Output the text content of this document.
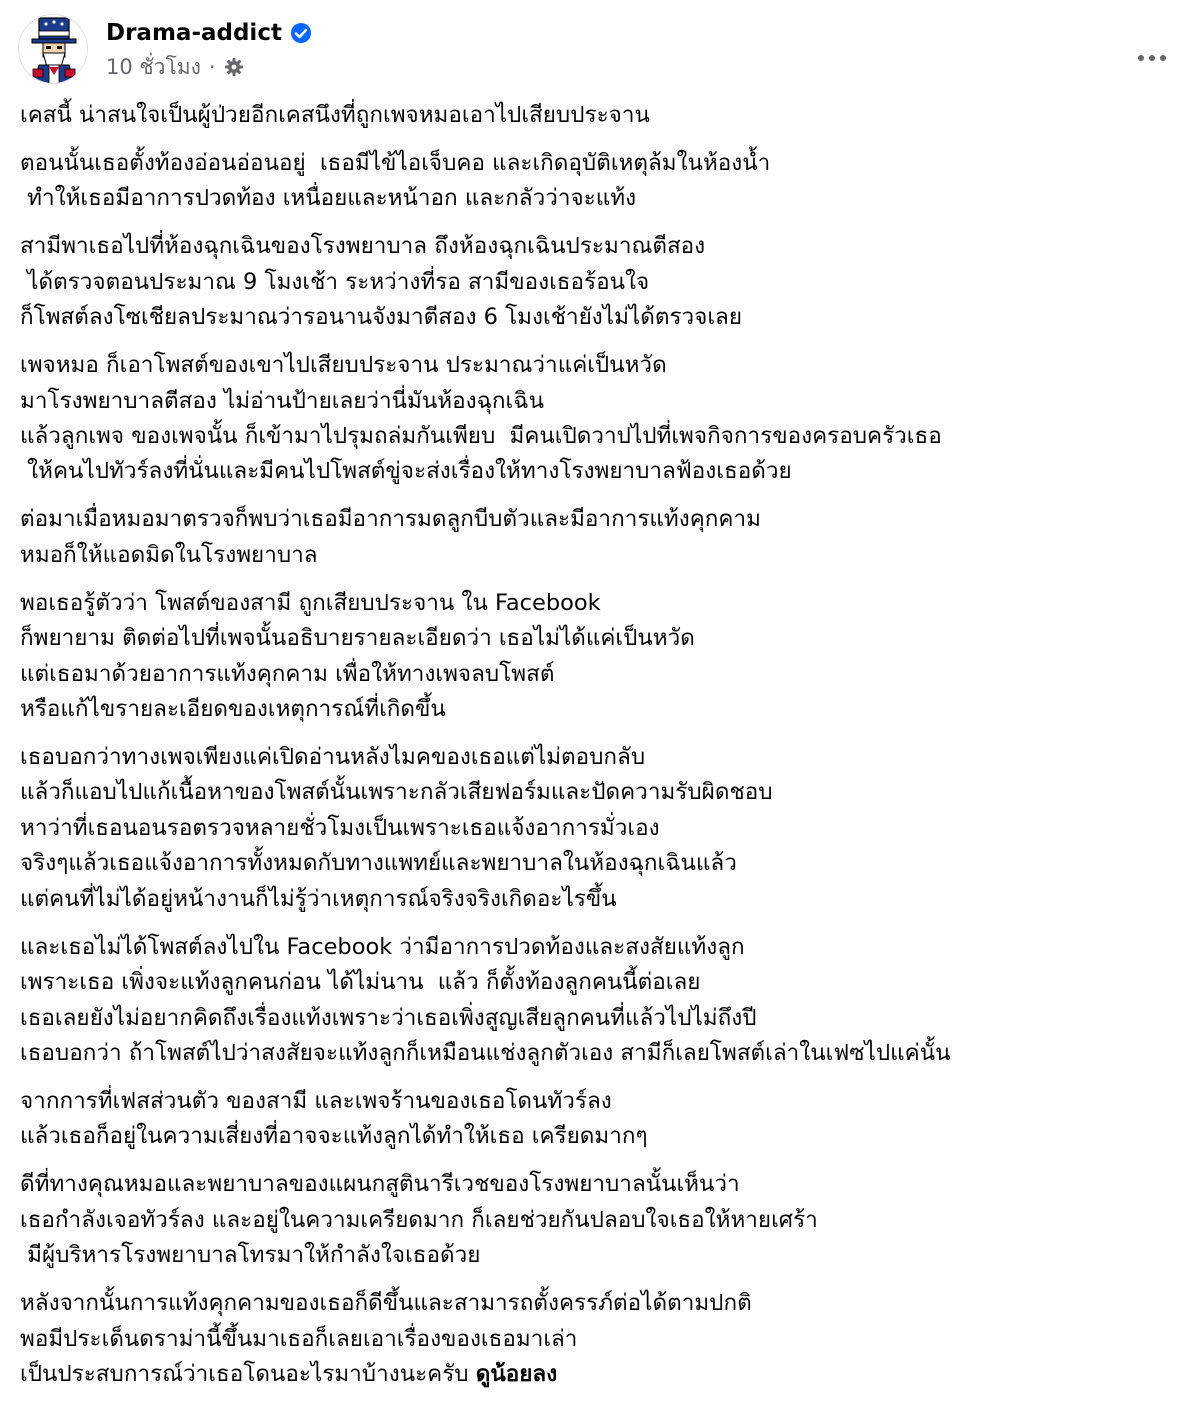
Drama-addict
10 ชั่วโมง ·
เคสนี้ น่าสนใจเป็นผู้ป่วยอีกเคสนึงที่ถูกเพจหมอเอาไปเสียบประจาน
ตอนนั้นเธอตั้งท้องอ่อนอ่อนอยู่  เธอมีไข้ไอเจ็บคอ และเกิดอุบัติเหตุล้มในห้องน้ำ
ทำให้เธอมีอาการปวดท้อง เหนื่อยและหน้าอก และกลัวว่าจะแท้ง
สามีพาเธอไปที่ห้องฉุกเฉินของโรงพยาบาล ถึงห้องฉุกเฉินประมาณตีสอง
ได้ตรวจตอนประมาณ 9 โมงเช้า ระหว่างที่รอ สามีของเธอร้อนใจ
ก็โพสต์ลงโซเชียลประมาณว่ารอนานจังมาตีสอง 6 โมงเช้ายังไม่ได้ตรวจเลย
เพจหมอ ก็เอาโพสต์ของเขาไปเสียบประจาน ประมาณว่าแค่เป็นหวัด
มาโรงพยาบาลตีสอง ไม่อ่านป้ายเลยว่านี่มันห้องฉุกเฉิน
แล้วลูกเพจ ของเพจนั้น ก็เข้ามาไปรุมถล่มกันเพียบ  มีคนเปิดวาปไปที่เพจกิจการของครอบครัวเธอ
ให้คนไปทัวร์ลงที่นั่นและมีคนไปโพสต์ขู่จะส่งเรื่องให้ทางโรงพยาบาลฟ้องเธอด้วย
ต่อมาเมื่อหมอมาตรวจก็พบว่าเธอมีอาการมดลูกบีบตัวและมีอาการแท้งคุกคาม
หมอก็ให้แอดมิดในโรงพยาบาล
พอเธอรู้ตัวว่า โพสต์ของสามี ถูกเสียบประจาน ใน Facebook
ก็พยายาม ติดต่อไปที่เพจนั้นอธิบายรายละเอียดว่า เธอไม่ได้แค่เป็นหวัด
แต่เธอมาด้วยอาการแท้งคุกคาม เพื่อให้ทางเพจลบโพสต์
หรือแก้ไขรายละเอียดของเหตุการณ์ที่เกิดขึ้น
เธอบอกว่าทางเพจเพียงแค่เปิดอ่านหลังไมคของเธอแต่ไม่ตอบกลับ
แล้วก็แอบไปแก้เนื้อหาของโพสต์นั้นเพราะกลัวเสียฟอร์มและปัดความรับผิดชอบ
หาว่าที่เธอนอนรอตรวจหลายชั่วโมงเป็นเพราะเธอแจ้งอาการมั่วเอง
จริงๆแล้วเธอแจ้งอาการทั้งหมดกับทางแพทย์และพยาบาลในห้องฉุกเฉินแล้ว
แต่คนที่ไม่ได้อยู่หน้างานก็ไม่รู้ว่าเหตุการณ์จริงจริงเกิดอะไรขึ้น
และเธอไม่ได้โพสต์ลงไปใน Facebook ว่ามีอาการปวดท้องและสงสัยแท้งลูก
เพราะเธอ เพิ่งจะแท้งลูกคนก่อน ได้ไม่นาน  แล้ว ก็ตั้งท้องลูกคนนี้ต่อเลย
เธอเลยยังไม่อยากคิดถึงเรื่องแท้งเพราะว่าเธอเพิ่งสูญเสียลูกคนที่แล้วไปไม่ถึงปี
เธอบอกว่า ถ้าโพสต์ไปว่าสงสัยจะแท้งลูกก็เหมือนแช่งลูกตัวเอง สามีก็เลยโพสต์เล่าในเฟซไปแค่นั้น
จากการที่เฟสส่วนตัว ของสามี และเพจร้านของเธอโดนทัวร์ลง
แล้วเธอก็อยู่ในความเสี่ยงที่อาจจะแท้งลูกได้ทำให้เธอ เครียดมากๆ
ดีที่ทางคุณหมอและพยาบาลของแผนกสูตินารีเวชของโรงพยาบาลนั้นเห็นว่า
เธอกำลังเจอทัวร์ลง และอยู่ในความเครียดมาก ก็เลยช่วยกันปลอบใจเธอให้หายเศร้า
มีผู้บริหารโรงพยาบาลโทรมาให้กำลังใจเธอด้วย
หลังจากนั้นการแท้งคุกคามของเธอก็ดีขึ้นและสามารถตั้งครรภ์ต่อได้ตามปกติ
พอมีประเด็นดราม่านี้ขึ้นมาเธอก็เลยเอาเรื่องของเธอมาเล่า
เป็นประสบการณ์ว่าเธอโดนอะไรมาบ้างนะครับ ดูน้อยลง
